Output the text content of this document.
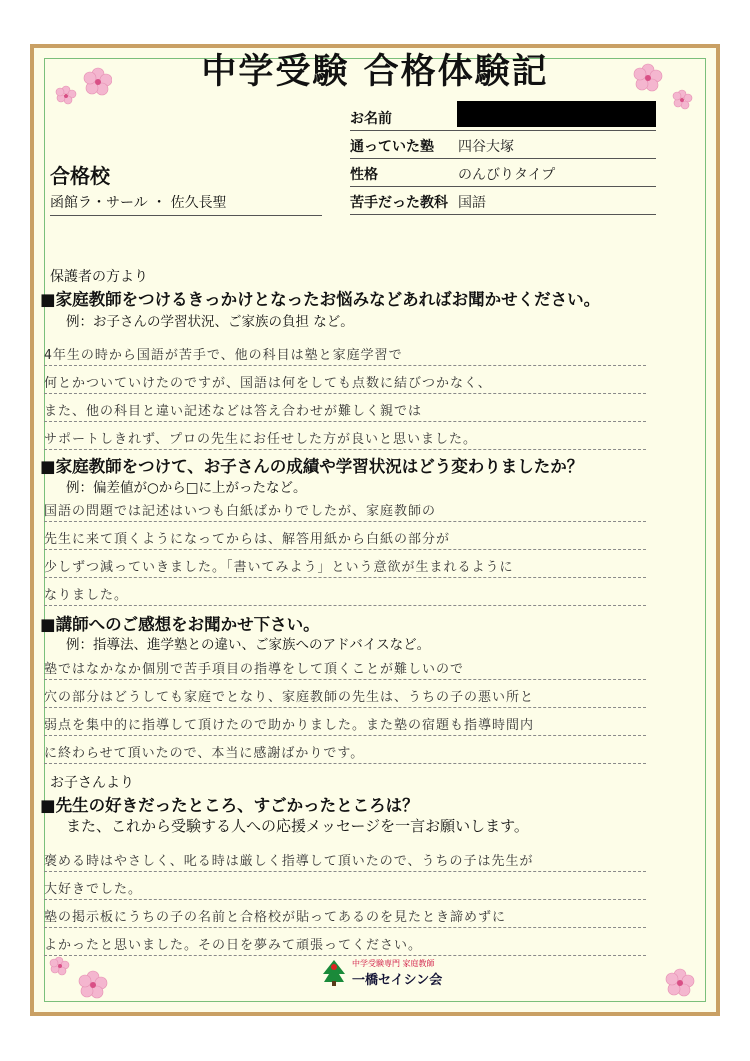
中学受験 合格体験記
お名前
通っていた塾	四谷大塚
性格	のんびりタイプ
苦手だった教科 国語
合格校
函館ラ・サール ・ 佐久長聖
保護者の方より
■家庭教師をつけるきっかけとなったお悩みなどあればお聞かせください。
例：お子さんの学習状況、ご家族の負担 など。
4年生の時から国語が苦手で、他の科目は塾と家庭学習で
何とかついていけたのですが、国語は何をしても点数に結びつかなく、
また、他の科目と違い記述などは答え合わせが難しく親では
サポートしきれず、プロの先生にお任せした方が良いと思いました。
■家庭教師をつけて、お子さんの成績や学習状況はどう変わりましたか？
例：偏差値が○から□に上がったなど。
国語の問題では記述はいつも白紙ばかりでしたが、家庭教師の
先生に来て頂くようになってからは、解答用紙から白紙の部分が
少しずつ減っていきました。「書いてみよう」という意欲が生まれるように
なりました。
■講師へのご感想をお聞かせ下さい。
例：指導法、進学塾との違い、ご家族へのアドバイスなど。
塾ではなかなか個別で苦手項目の指導をして頂くことが難しいので
穴の部分はどうしても家庭でとなり、家庭教師の先生は、うちの子の悪い所と
弱点を集中的に指導して頂けたので助かりました。また塾の宿題も指導時間内
に終わらせて頂いたので、本当に感謝ばかりです。
お子さんより
■先生の好きだったところ、すごかったところは？
また、これから受験する人への応援メッセージを一言お願いします。
褒める時はやさしく、叱る時は厳しく指導して頂いたので、うちの子は先生が
大好きでした。
塾の掲示板にうちの子の名前と合格校が貼ってあるのを見たとき諦めずに
よかったと思いました。その日を夢みて頑張ってください。
中学受験専門 家庭教師
一橋セイシン会
